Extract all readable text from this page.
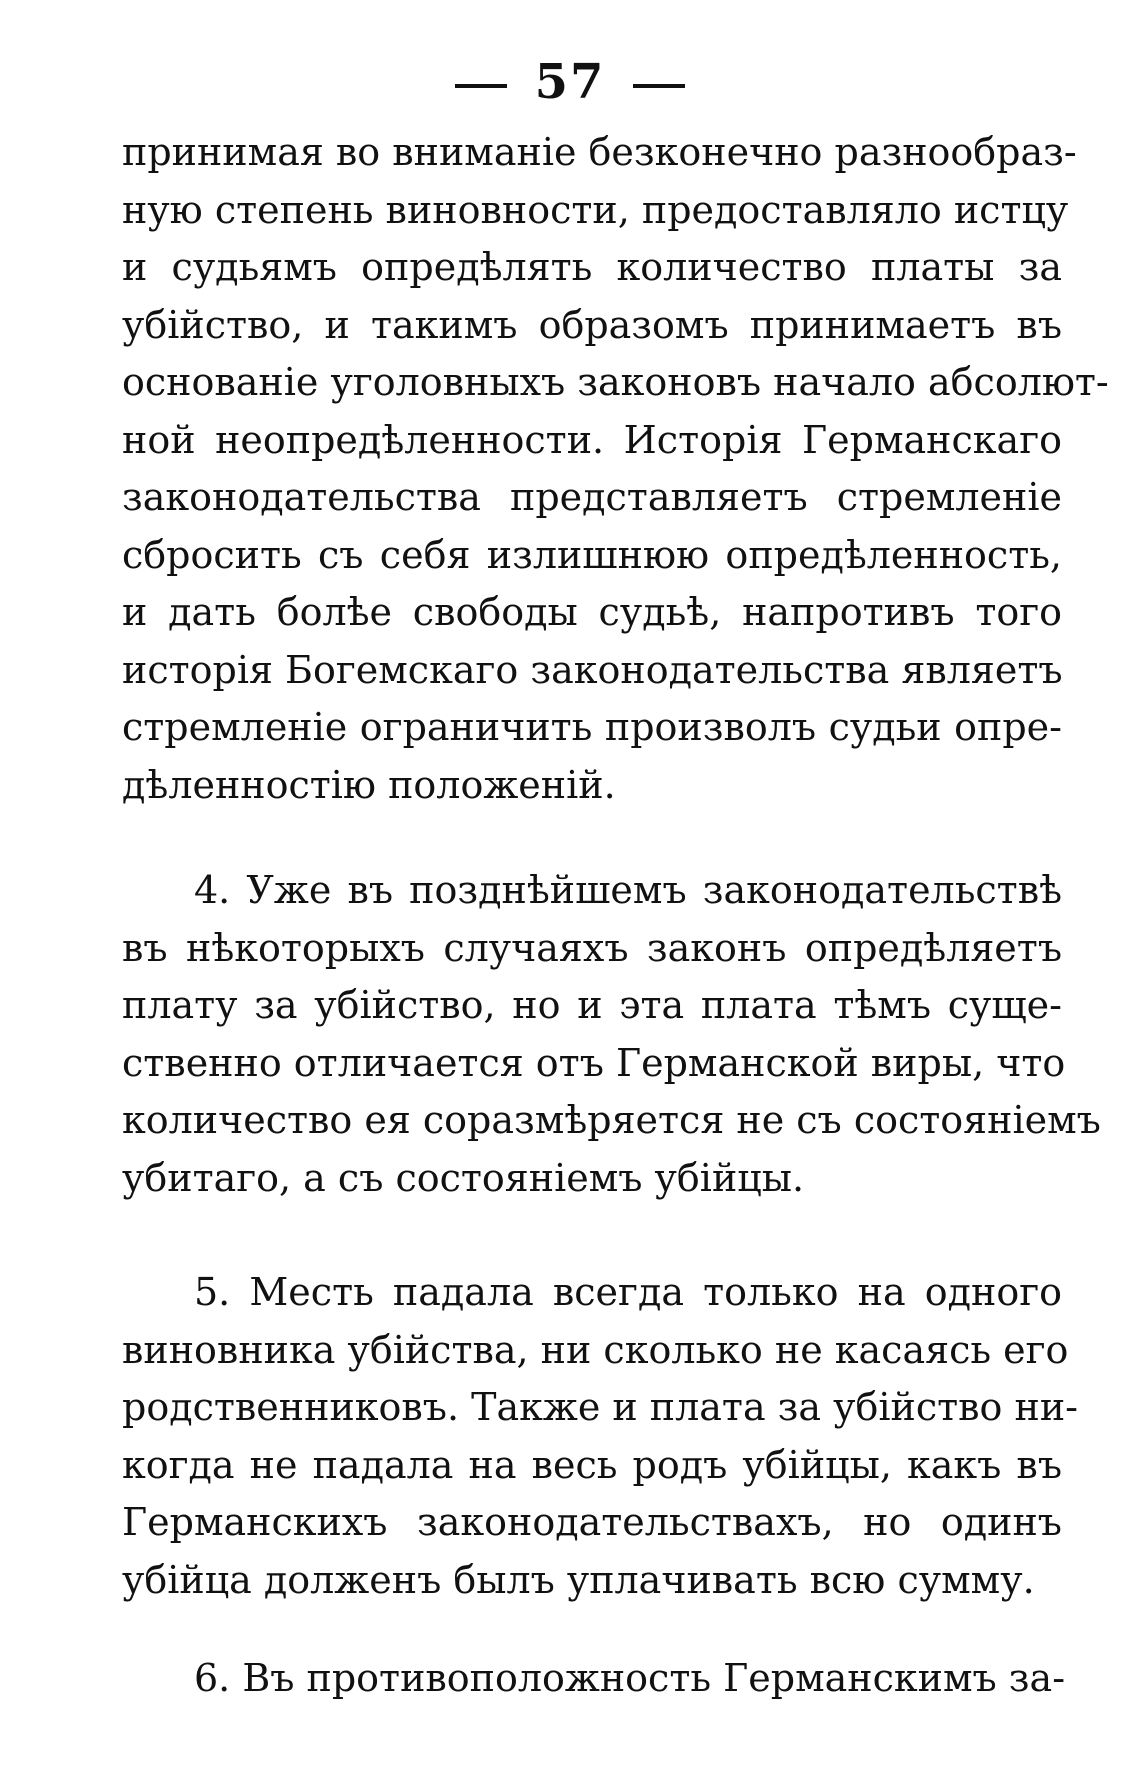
57
принимая во вниманіе безконечно разнообраз-
ную степень виновности, предоставляло истцу
и судьямъ опредѣлять количество платы за
убійство, и такимъ образомъ принимаетъ въ
основаніе уголовныхъ законовъ начало абсолют-
ной неопредѣленности. Исторія Германскаго
законодательства представляетъ стремленіе
сбросить съ себя излишнюю опредѣленность,
и дать болѣе свободы судьѣ, напротивъ того
исторія Богемскаго законодательства являетъ
стремленіе ограничить произволъ судьи опре-
дѣленностію положеній.
4. Уже въ позднѣйшемъ законодательствѣ
въ нѣкоторыхъ случаяхъ законъ опредѣляетъ
плату за убійство, но и эта плата тѣмъ суще-
ственно отличается отъ Германской виры, что
количество ея соразмѣряется не съ состояніемъ
убитаго, а съ состояніемъ убійцы.
5. Месть падала всегда только на одного
виновника убійства, ни сколько не касаясь его
родственниковъ. Также и плата за убійство ни-
когда не падала на весь родъ убійцы, какъ въ
Германскихъ законодательствахъ, но одинъ
убійца долженъ былъ уплачивать всю сумму.
6. Въ противоположность Германскимъ за-
